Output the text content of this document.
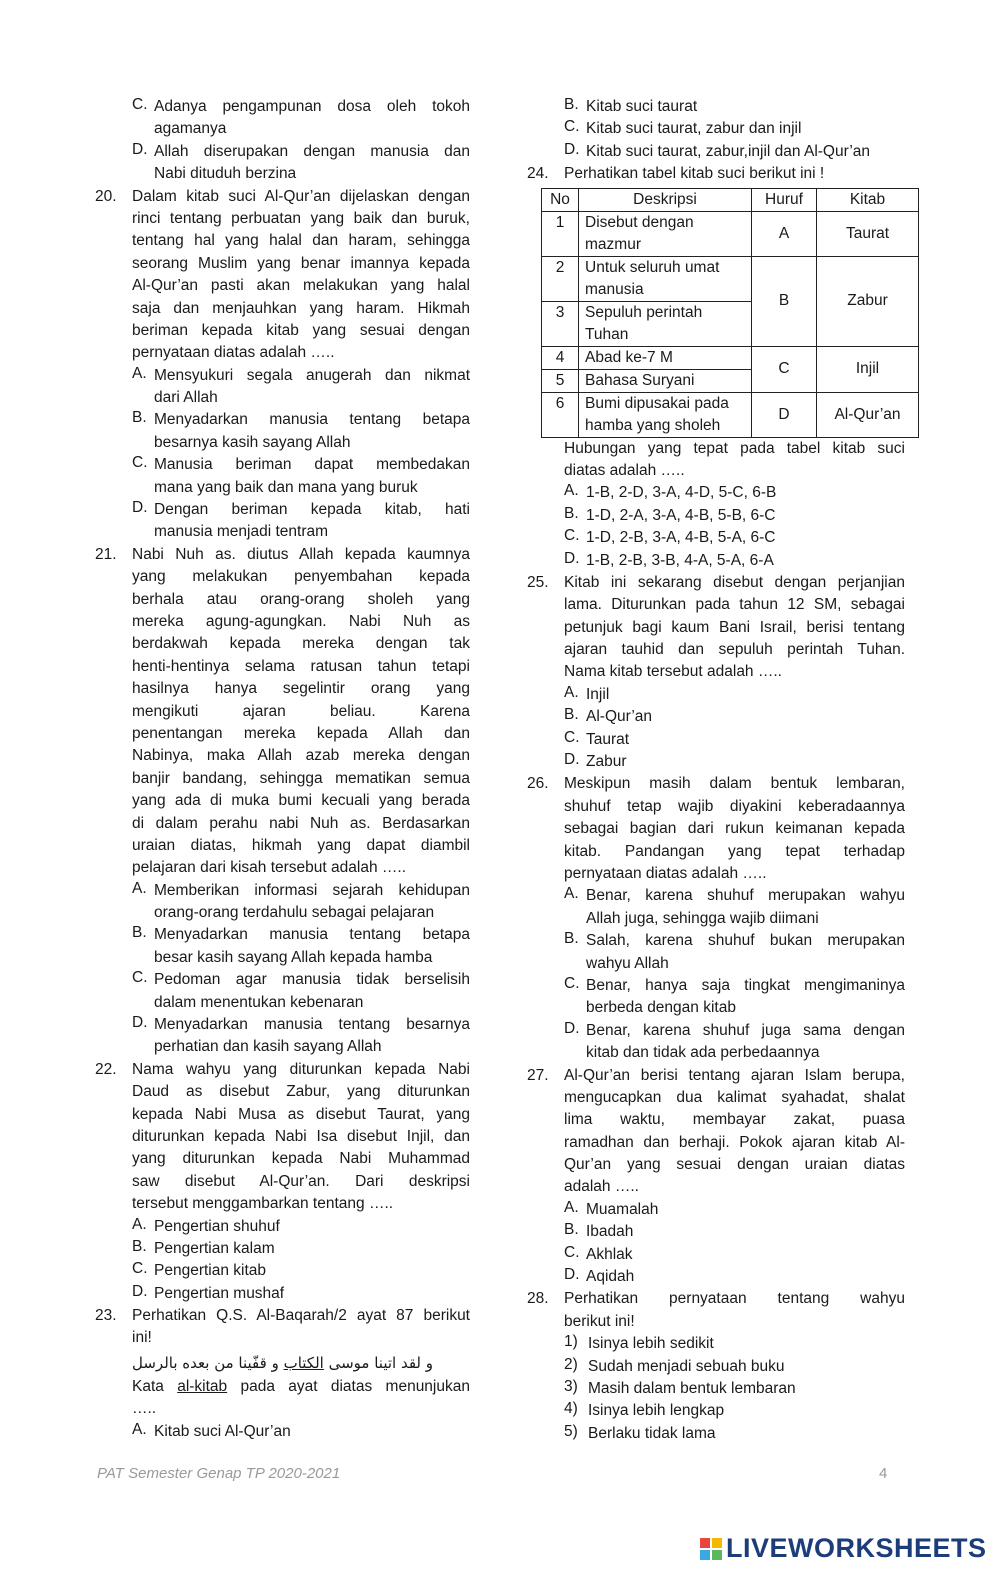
C. Adanya pengampunan dosa oleh tokoh
agamanya
D. Allah diserupakan dengan manusia dan
Nabi dituduh berzina
20. Dalam kitab suci Al-Qur’an dijelaskan dengan
rinci tentang perbuatan yang baik dan buruk,
tentang hal yang halal dan haram, sehingga
seorang Muslim yang benar imannya kepada
Al-Qur’an pasti akan melakukan yang halal
saja dan menjauhkan yang haram. Hikmah
beriman kepada kitab yang sesuai dengan
pernyataan diatas adalah …..
A. Mensyukuri segala anugerah dan nikmat
dari Allah
B. Menyadarkan manusia tentang betapa
besarnya kasih sayang Allah
C. Manusia beriman dapat membedakan
mana yang baik dan mana yang buruk
D. Dengan beriman kepada kitab, hati
manusia menjadi tentram
21. Nabi Nuh as. diutus Allah kepada kaumnya
yang melakukan penyembahan kepada
berhala atau orang-orang sholeh yang
mereka agung-agungkan. Nabi Nuh as
berdakwah kepada mereka dengan tak
henti-hentinya selama ratusan tahun tetapi
hasilnya hanya segelintir orang yang
mengikuti ajaran beliau. Karena
penentangan mereka kepada Allah dan
Nabinya, maka Allah azab mereka dengan
banjir bandang, sehingga mematikan semua
yang ada di muka bumi kecuali yang berada
di dalam perahu nabi Nuh as. Berdasarkan
uraian diatas, hikmah yang dapat diambil
pelajaran dari kisah tersebut adalah …..
A. Memberikan informasi sejarah kehidupan
orang-orang terdahulu sebagai pelajaran
B. Menyadarkan manusia tentang betapa
besar kasih sayang Allah kepada hamba
C. Pedoman agar manusia tidak berselisih
dalam menentukan kebenaran
D. Menyadarkan manusia tentang besarnya
perhatian dan kasih sayang Allah
22. Nama wahyu yang diturunkan kepada Nabi
Daud as disebut Zabur, yang diturunkan
kepada Nabi Musa as disebut Taurat, yang
diturunkan kepada Nabi Isa disebut Injil, dan
yang diturunkan kepada Nabi Muhammad
saw disebut Al-Qur’an. Dari deskripsi
tersebut menggambarkan tentang …..
A. Pengertian shuhuf
B. Pengertian kalam
C. Pengertian kitab
D. Pengertian mushaf
23. Perhatikan Q.S. Al-Baqarah/2 ayat 87 berikut
ini!
و لقد اتينا موسى الكتاب و قفّينا من بعده بالرسل
Kata al-kitab pada ayat diatas menunjukan
…..
A. Kitab suci Al-Qur’an
B. Kitab suci taurat
C. Kitab suci taurat, zabur dan injil
D. Kitab suci taurat, zabur,injil dan Al-Qur’an
24. Perhatikan tabel kitab suci berikut ini !
No	Deskripsi	Huruf	Kitab
1	Disebut dengan mazmur	A	Taurat
2	Untuk seluruh umat manusia	B	Zabur
3	Sepuluh perintah Tuhan		
4	Abad ke-7 M	C	Injil
5	Bahasa Suryani		
6	Bumi dipusakai pada hamba yang sholeh	D	Al-Qur’an
Hubungan yang tepat pada tabel kitab suci
diatas adalah …..
A. 1-B, 2-D, 3-A, 4-D, 5-C, 6-B
B. 1-D, 2-A, 3-A, 4-B, 5-B, 6-C
C. 1-D, 2-B, 3-A, 4-B, 5-A, 6-C
D. 1-B, 2-B, 3-B, 4-A, 5-A, 6-A
25. Kitab ini sekarang disebut dengan perjanjian
lama. Diturunkan pada tahun 12 SM, sebagai
petunjuk bagi kaum Bani Israil, berisi tentang
ajaran tauhid dan sepuluh perintah Tuhan.
Nama kitab tersebut adalah …..
A. Injil
B. Al-Qur’an
C. Taurat
D. Zabur
26. Meskipun masih dalam bentuk lembaran,
shuhuf tetap wajib diyakini keberadaannya
sebagai bagian dari rukun keimanan kepada
kitab. Pandangan yang tepat terhadap
pernyataan diatas adalah …..
A. Benar, karena shuhuf merupakan wahyu
Allah juga, sehingga wajib diimani
B. Salah, karena shuhuf bukan merupakan
wahyu Allah
C. Benar, hanya saja tingkat mengimaninya
berbeda dengan kitab
D. Benar, karena shuhuf juga sama dengan
kitab dan tidak ada perbedaannya
27. Al-Qur’an berisi tentang ajaran Islam berupa,
mengucapkan dua kalimat syahadat, shalat
lima waktu, membayar zakat, puasa
ramadhan dan berhaji. Pokok ajaran kitab Al-
Qur’an yang sesuai dengan uraian diatas
adalah …..
A. Muamalah
B. Ibadah
C. Akhlak
D. Aqidah
28. Perhatikan pernyataan tentang wahyu
berikut ini!
1) Isinya lebih sedikit
2) Sudah menjadi sebuah buku
3) Masih dalam bentuk lembaran
4) Isinya lebih lengkap
5) Berlaku tidak lama
PAT Semester Genap TP 2020-2021	4
LIVEWORKSHEETS
